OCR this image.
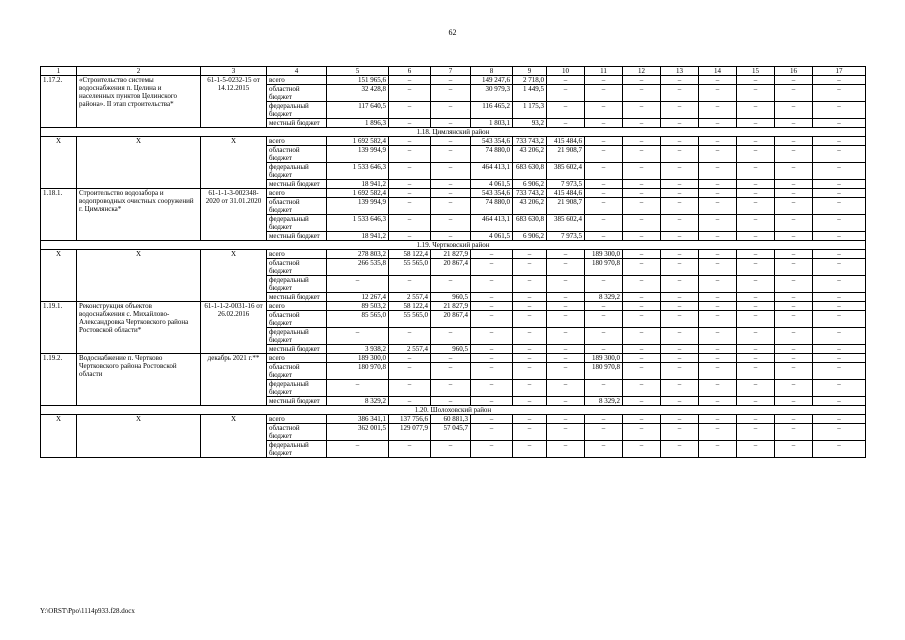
62
1	2	3	4	5	6	7	8	9	10	11	12	13	14	15	16	17
1.17.2.	«Строительство системы водоснабжения п. Целина и населенных пунктов Целинского района». II этап строительства*	61-1-5-0232-15 от 14.12.2015	всего	151 965,6	–	–	149 247,6	2 718,0	–	–	–	–	–	–	–	–
			областной бюджет	32 428,8	–	–	30 979,3	1 449,5	–	–	–	–	–	–	–	–
			федеральный бюджет	117 640,5	–	–	116 465,2	1 175,3	–	–	–	–	–	–	–	–
			местный бюджет	1 896,3	–	–	1 803,1	93,2	–	–	–	–	–	–	–	–
1.18. Цимлянский район																
Х	Х	Х	всего	1 692 582,4	–	–	543 354,6	733 743,2	415 484,6	–	–	–	–	–	–	–
			областной бюджет	139 994,9	–	–	74 880,0	43 206,2	21 908,7	–	–	–	–	–	–	–
			федеральный бюджет	1 533 646,3	–	–	464 413,1	683 630,8	385 602,4	–	–	–	–	–	–	–
			местный бюджет	18 941,2	–	–	4 061,5	6 906,2	7 973,5	–	–	–	–	–	–	–
1.18.1.	Строительство водозабора и водопроводных очистных сооружений г. Цимлянска*	61-1-1-3-002348-2020 от 31.01.2020	всего	1 692 582,4	–	–	543 354,6	733 743,2	415 484,6	–	–	–	–	–	–	–
			областной бюджет	139 994,9	–	–	74 880,0	43 206,2	21 908,7	–	–	–	–	–	–	–
			федеральный бюджет	1 533 646,3	–	–	464 413,1	683 630,8	385 602,4	–	–	–	–	–	–	–
			местный бюджет	18 941,2	–	–	4 061,5	6 906,2	7 973,5	–	–	–	–	–	–	–
1.19. Чертковский район																
Х	Х	Х	всего	278 803,2	58 122,4	21 827,9	–	–	–	189 300,0	–	–	–	–	–	–
			областной бюджет	266 535,8	55 565,0	20 867,4	–	–	–	180 970,8	–	–	–	–	–	–
			федеральный бюджет	–	–	–	–	–	–	–	–	–	–	–	–	–
			местный бюджет	12 267,4	2 557,4	960,5	–	–	–	8 329,2	–	–	–	–	–	–
1.19.1.	Реконструкция объектов водоснабжения с. Михайлово-Александровка Чертковского района Ростовской области*	61-1-1-2-0031-16 от 26.02.2016	всего	89 503,2	58 122,4	21 827,9	–	–	–	–	–	–	–	–	–	–
			областной бюджет	85 565,0	55 565,0	20 867,4	–	–	–	–	–	–	–	–	–	–
			федеральный бюджет	–	–	–	–	–	–	–	–	–	–	–	–	–
			местный бюджет	3 938,2	2 557,4	960,5	–	–	–	–	–	–	–	–	–	–
1.19.2.	Водоснабжение п. Чертково Чертковского района Ростовской области	декабрь 2021 г.**	всего	189 300,0	–	–	–	–	–	189 300,0	–	–	–	–	–	–
			областной бюджет	180 970,8	–	–	–	–	–	180 970,8	–	–	–	–	–	–
			федеральный бюджет	–	–	–	–	–	–	–	–	–	–	–	–	–
			местный бюджет	8 329,2	–	–	–	–	–	8 329,2	–	–	–	–	–	–
1.20. Шолоховский район																
Х	Х	Х	всего	386 341,1	137 756,6	60 881,3	–	–	–	–	–	–	–	–	–	–
			областной бюджет	362 001,5	129 077,9	57 045,7	–	–	–	–	–	–	–	–	–	–
			федеральный бюджет	–	–	–	–	–	–	–	–	–	–	–	–	–
Y:\ORST\Ppo\1114p933.f28.docx
